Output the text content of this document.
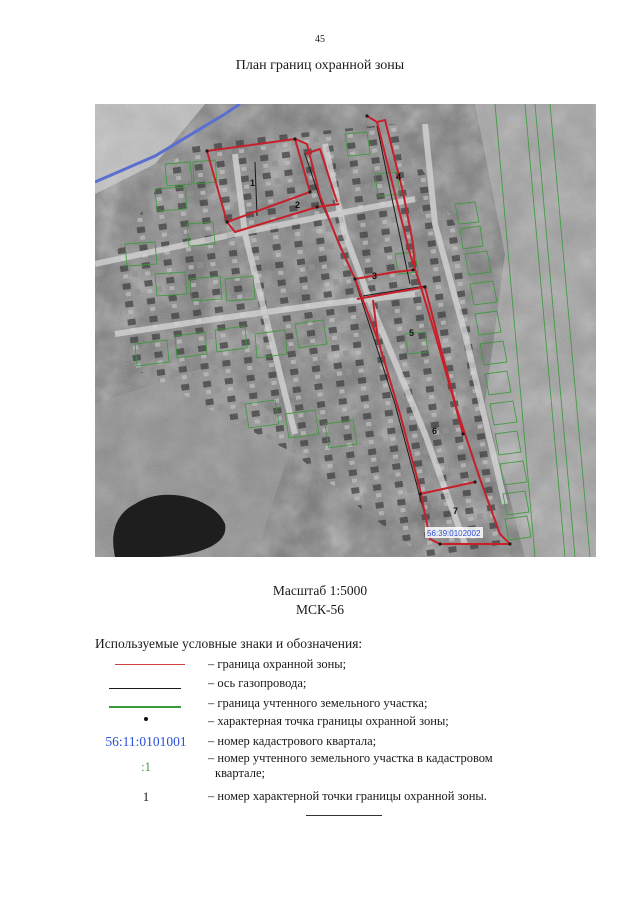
45
План границ охранной зоны
1
2
3
4
5
6
7
56:39:0102002
Масштаб 1:5000
МСК-56
Используемые условные знаки и обозначения:
– граница охранной зоны;
– ось газопровода;
– граница учтенного земельного участка;
– характерная точка границы охранной зоны;
56:11:0101001	– номер кадастрового квартала;
:1
– номер учтенного земельного участка в кадастровом
квартале;
1	– номер характерной точки границы охранной зоны.
